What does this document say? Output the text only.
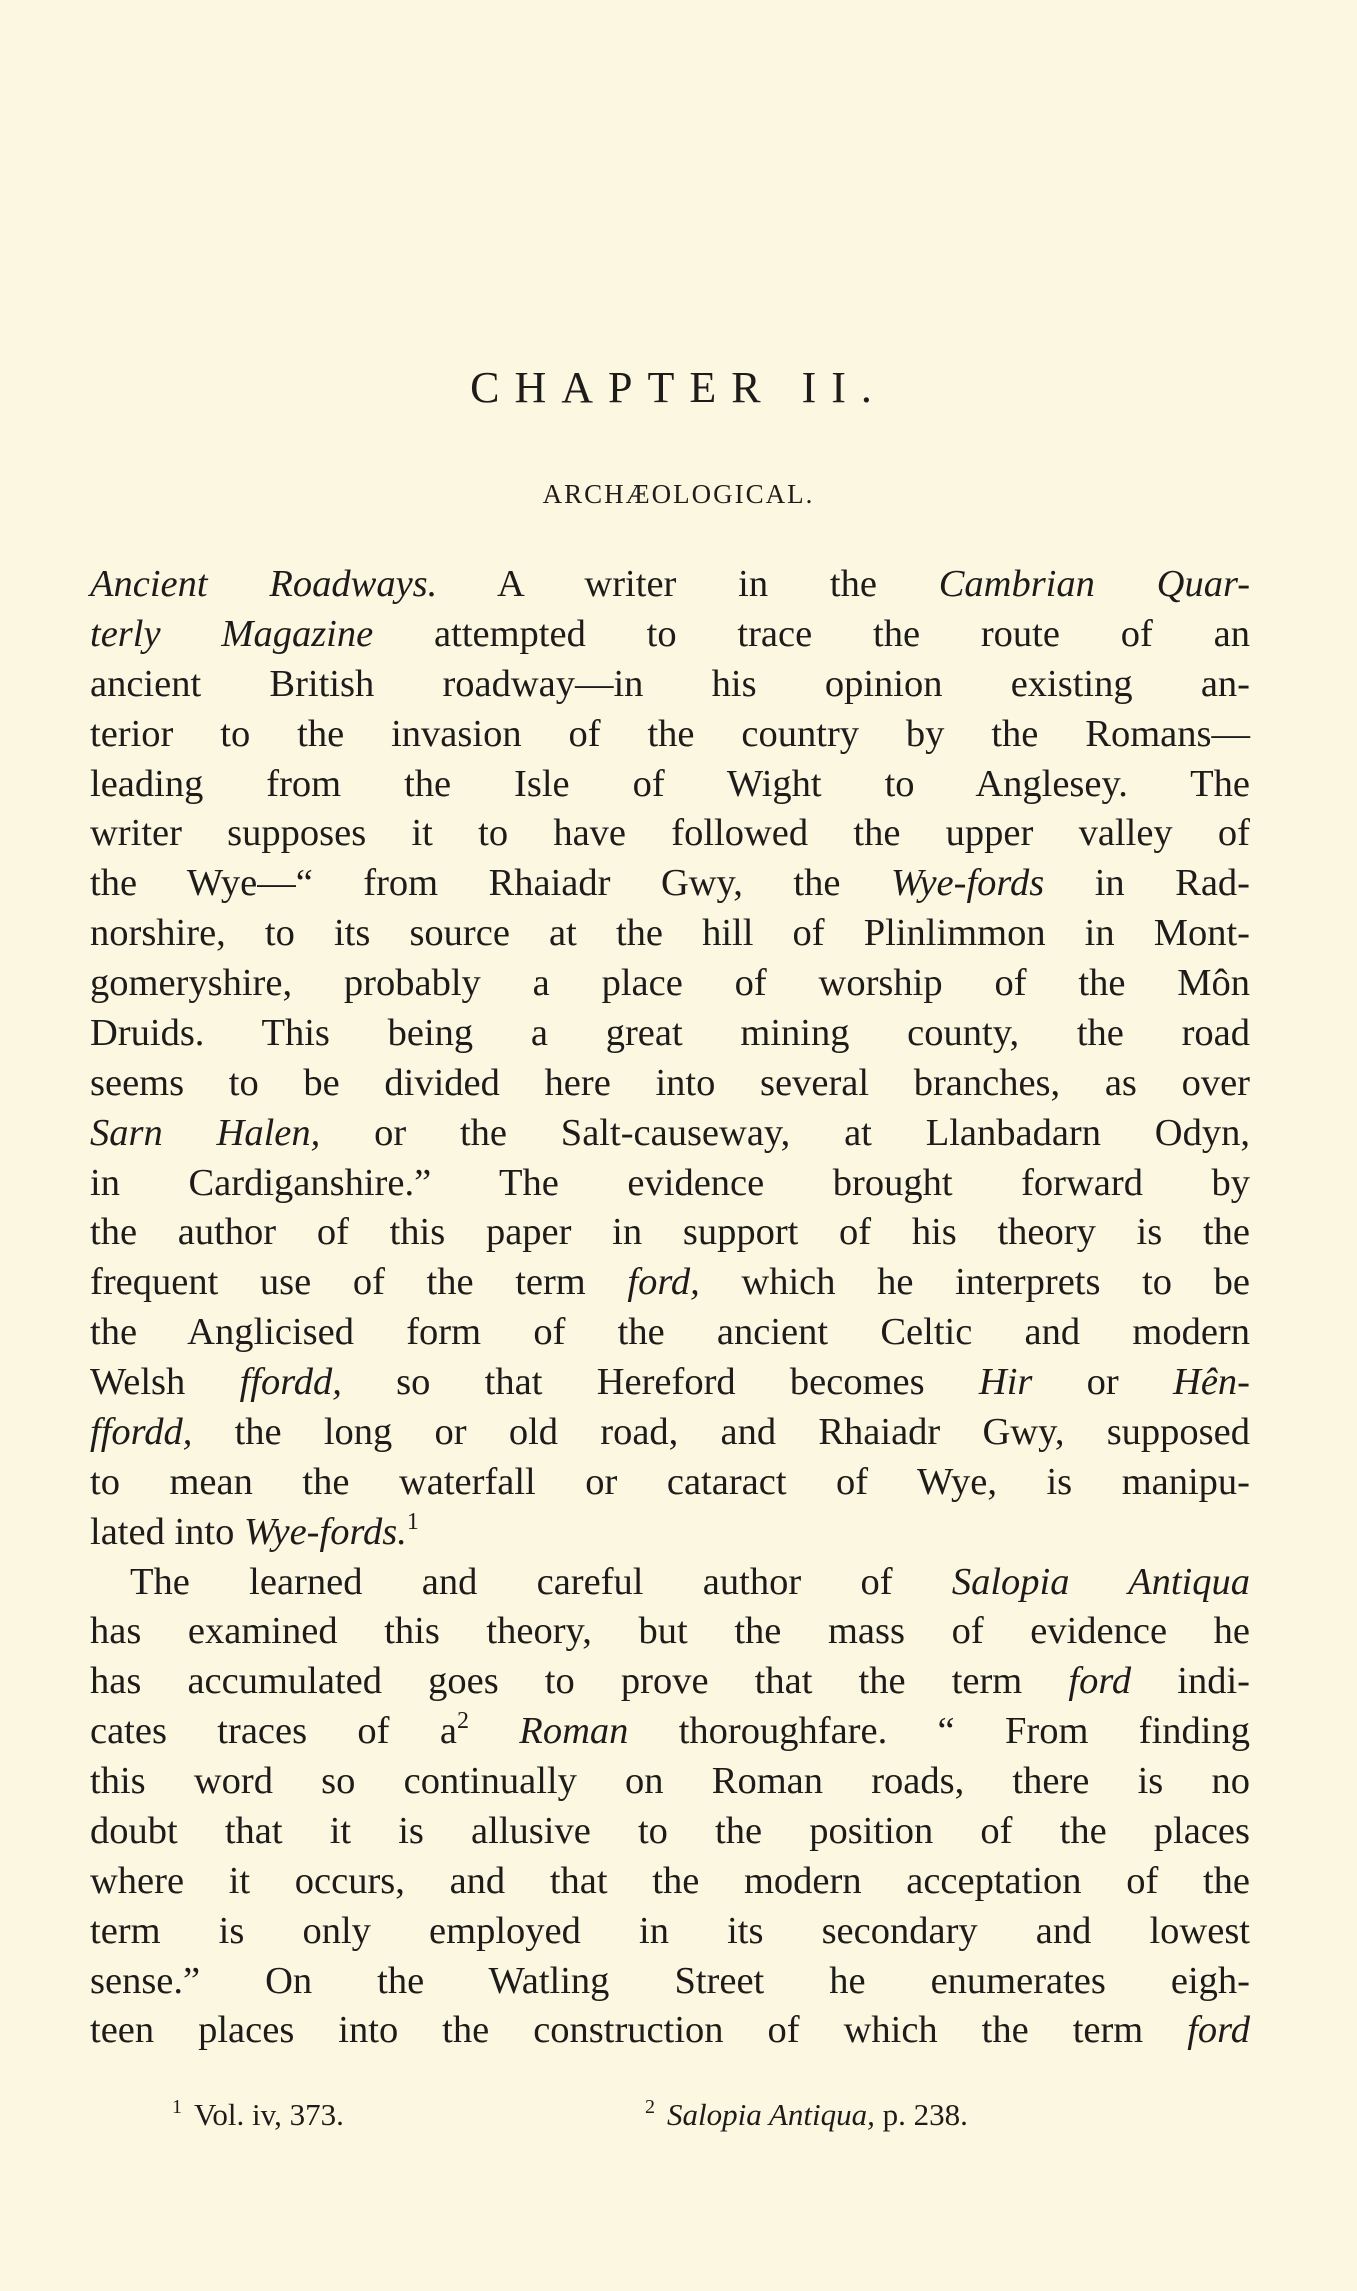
CHAPTER II.
ARCHÆOLOGICAL.
Ancient Roadways. A writer in the Cambrian Quar-
terly Magazine attempted to trace the route of an
ancient British roadway—in his opinion existing an-
terior to the invasion of the country by the Romans—
leading from the Isle of Wight to Anglesey. The
writer supposes it to have followed the upper valley of
the Wye—“ from Rhaiadr Gwy, the Wye-fords in Rad-
norshire, to its source at the hill of Plinlimmon in Mont-
gomeryshire, probably a place of worship of the Môn
Druids. This being a great mining county, the road
seems to be divided here into several branches, as over
Sarn Halen, or the Salt-causeway, at Llanbadarn Odyn,
in Cardiganshire.” The evidence brought forward by
the author of this paper in support of his theory is the
frequent use of the term ford, which he interprets to be
the Anglicised form of the ancient Celtic and modern
Welsh ffordd, so that Hereford becomes Hir or Hên-
ffordd, the long or old road, and Rhaiadr Gwy, supposed
to mean the waterfall or cataract of Wye, is manipu-
lated into Wye-fords.$^1$
The learned and careful author of Salopia Antiqua
has examined this theory, but the mass of evidence he
has accumulated goes to prove that the term ford indi-
cates traces of $a^2$ Roman thoroughfare. “ From finding
this word so continually on Roman roads, there is no
doubt that it is allusive to the position of the places
where it occurs, and that the modern acceptation of the
term is only employed in its secondary and lowest
sense.” On the Watling Street he enumerates eigh-
teen places into the construction of which the term ford
$^1$ Vol. iv, 373.	$^2$ Salopia Antiqua, p. 238.
